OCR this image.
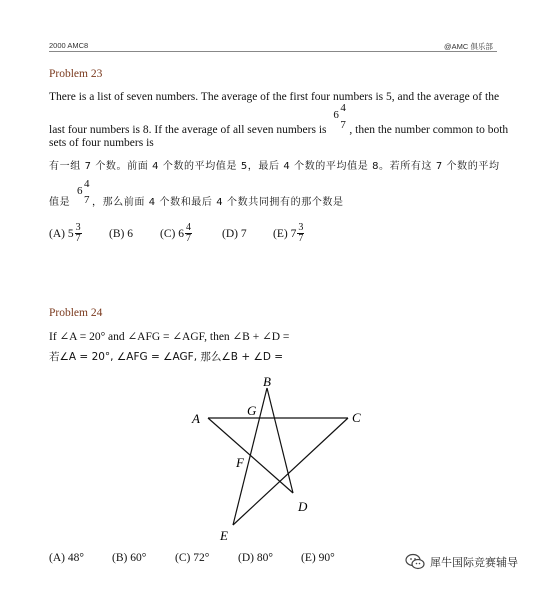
2000 AMC8	@AMC 俱乐部
Problem 23
There is a list of seven numbers. The average of the first four numbers is 5, and the average of the
last four numbers is 8. If the average of all seven numbers is
6
4
7 , then the number common to both
sets of four numbers is
有一组 7 个数。前面 4 个数的平均值是 5，最后 4 个数的平均值是 8。若所有这 7 个数的平均
值是
6
4
7 ，那么前面 4 个数和最后 4 个数共同拥有的那个数是
(A)
$5 \frac{3}{7} (B)$
6 (C)
$6 \frac{4}{7}$	(D)
7 (E)
$7 \frac{3}{7}$
Problem 24
If ∠A = 20° and ∠AFG = ∠AGF, then ∠B + ∠D =
若∠A = 20°, ∠AFG = ∠AGF, 那么∠B + ∠D =
A
B
G	C
F
D
E
(A) 48°	(B) 60°	(C) 72°	(D) 80°	(E) 90°	犀牛国际竞赛辅导
